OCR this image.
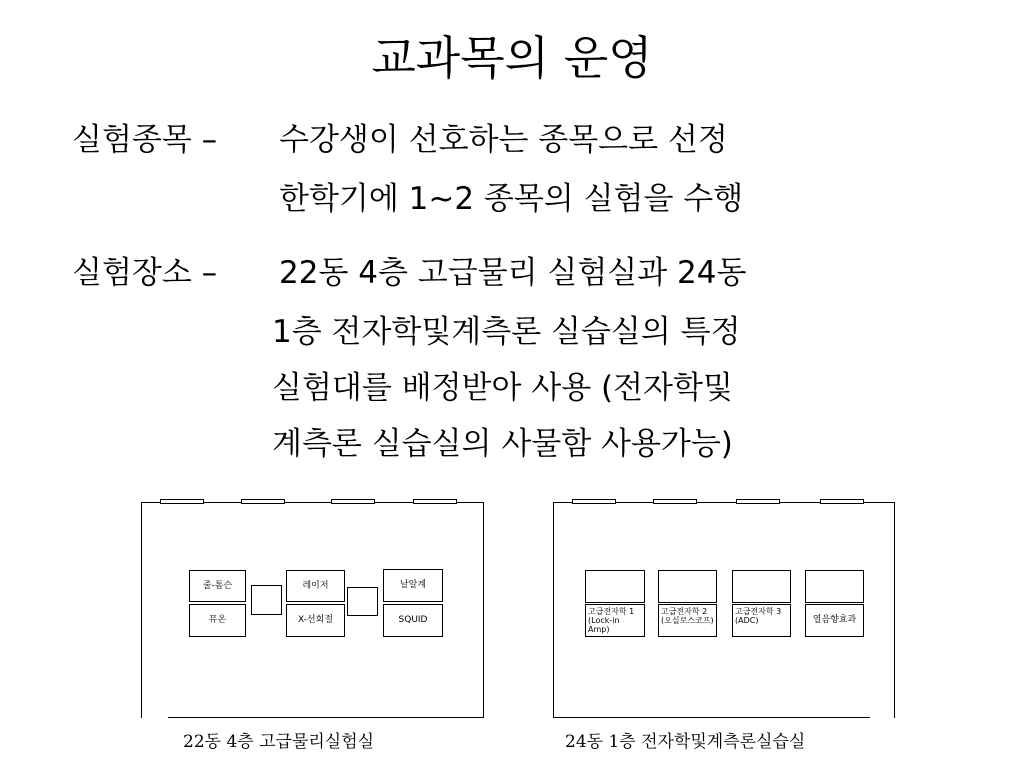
교과목의 운영
실험종목 – 수강생이 선호하는 종목으로 선정
한학기에 1~2 종목의 실험을 수행
실험장소 – 22동 4층 고급물리 실험실과 24동
1층 전자학및계측론 실습실의 특정
실험대를 배정받아 사용 (전자학및
계측론 실습실의 사물함 사용가능)
줄-톰슨
뮤온
레이저
X-선회절
날알계
SQUID
22동 4층 고급물리실험실
고급전자학 1 (Lock-in Amp)
고급전자학 2 (오실로스코프)
고급전자학 3 (ADC)	열음향효과
24동 1층 전자학및계측론실습실
